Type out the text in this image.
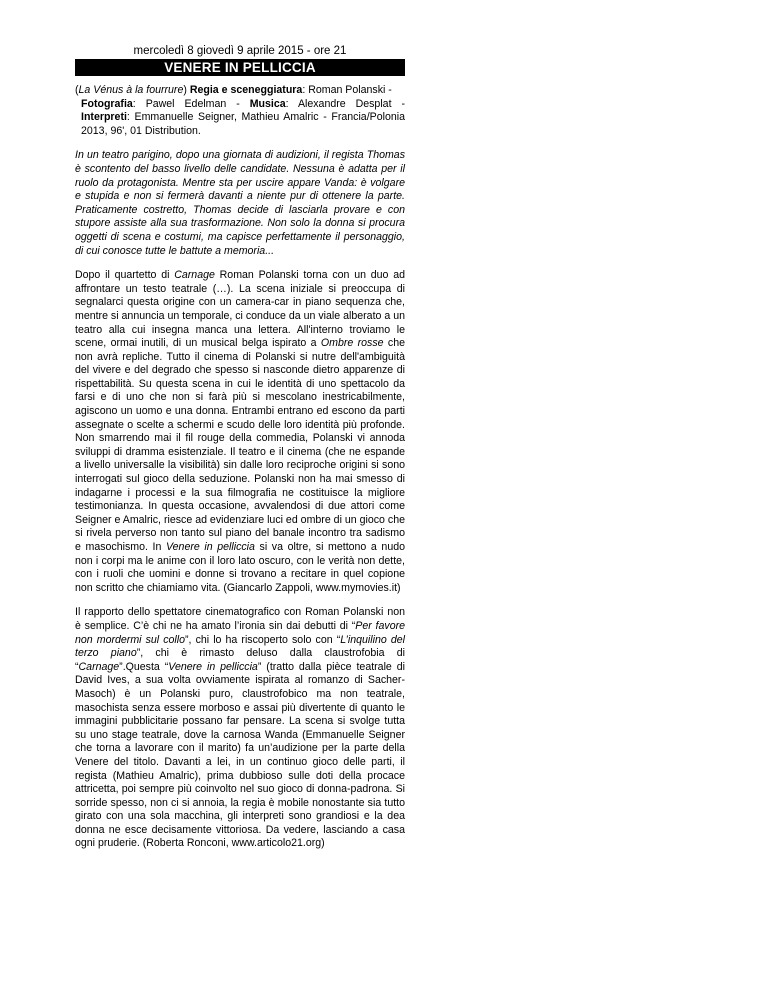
mercoledì 8 giovedì 9 aprile 2015 - ore 21
VENERE IN PELLICCIA
(La Vénus à la fourrure) Regia e sceneggiatura: Roman Polanski -
Fotografia: Pawel Edelman - Musica: Alexandre Desplat - Interpreti: Emmanuelle Seigner, Mathieu Amalric - Francia/Polonia 2013, 96', 01 Distribution.
In un teatro parigino, dopo una giornata di audizioni, il regista Thomas è scontento del basso livello delle candidate. Nessuna è adatta per il ruolo da protagonista. Mentre sta per uscire appare Vanda: è volgare e stupida e non si fermerà davanti a niente pur di ottenere la parte. Praticamente costretto, Thomas decide di lasciarla provare e con stupore assiste alla sua trasformazione. Non solo la donna si procura oggetti di scena e costumi, ma capisce perfettamente il personaggio, di cui conosce tutte le battute a memoria...
Dopo il quartetto di Carnage Roman Polanski torna con un duo ad affrontare un testo teatrale (…). La scena iniziale si preoccupa di segnalarci questa origine con un camera-car in piano sequenza che, mentre si annuncia un temporale, ci conduce da un viale alberato a un teatro alla cui insegna manca una lettera. All'interno troviamo le scene, ormai inutili, di un musical belga ispirato a Ombre rosse che non avrà repliche. Tutto il cinema di Polanski si nutre dell'ambiguità del vivere e del degrado che spesso si nasconde dietro apparenze di rispettabilità. Su questa scena in cui le identità di uno spettacolo da farsi e di uno che non si farà più si mescolano inestricabilmente, agiscono un uomo e una donna. Entrambi entrano ed escono da parti assegnate o scelte a schermi e scudo delle loro identità più profonde. Non smarrendo mai il fil rouge della commedia, Polanski vi annoda sviluppi di dramma esistenziale. Il teatro e il cinema (che ne espande a livello universalle la visibilità) sin dalle loro reciproche origini si sono interrogati sul gioco della seduzione. Polanski non ha mai smesso di indagarne i processi e la sua filmografia ne costituisce la migliore testimonianza. In questa occasione, avvalendosi di due attori come Seigner e Amalric, riesce ad evidenziare luci ed ombre di un gioco che si rivela perverso non tanto sul piano del banale incontro tra sadismo e masochismo. In Venere in pelliccia si va oltre, si mettono a nudo non i corpi ma le anime con il loro lato oscuro, con le verità non dette, con i ruoli che uomini e donne si trovano a recitare in quel copione non scritto che chiamiamo vita. (Giancarlo Zappoli, www.mymovies.it)
Il rapporto dello spettatore cinematografico con Roman Polanski non è semplice. C’è chi ne ha amato l’ironia sin dai debutti di “Per favore non mordermi sul collo”, chi lo ha riscoperto solo con “L’inquilino del terzo piano”, chi è rimasto deluso dalla claustrofobia di “Carnage”.Questa “Venere in pelliccia” (tratto dalla pièce teatrale di David Ives, a sua volta ovviamente ispirata al romanzo di Sacher-Masoch) è un Polanski puro, claustrofobico ma non teatrale, masochista senza essere morboso e assai più divertente di quanto le immagini pubblicitarie possano far pensare. La scena si svolge tutta su uno stage teatrale, dove la carnosa Wanda (Emmanuelle Seigner che torna a lavorare con il marito) fa un’audizione per la parte della Venere del titolo. Davanti a lei, in un continuo gioco delle parti, il regista (Mathieu Amalric), prima dubbioso sulle doti della procace attricetta, poi sempre più coinvolto nel suo gioco di donna-padrona. Si sorride spesso, non ci si annoia, la regia è mobile nonostante sia tutto girato con una sola macchina, gli interpreti sono grandiosi e la dea donna ne esce decisamente vittoriosa. Da vedere, lasciando a casa ogni pruderie. (Roberta Ronconi, www.articolo21.org)
